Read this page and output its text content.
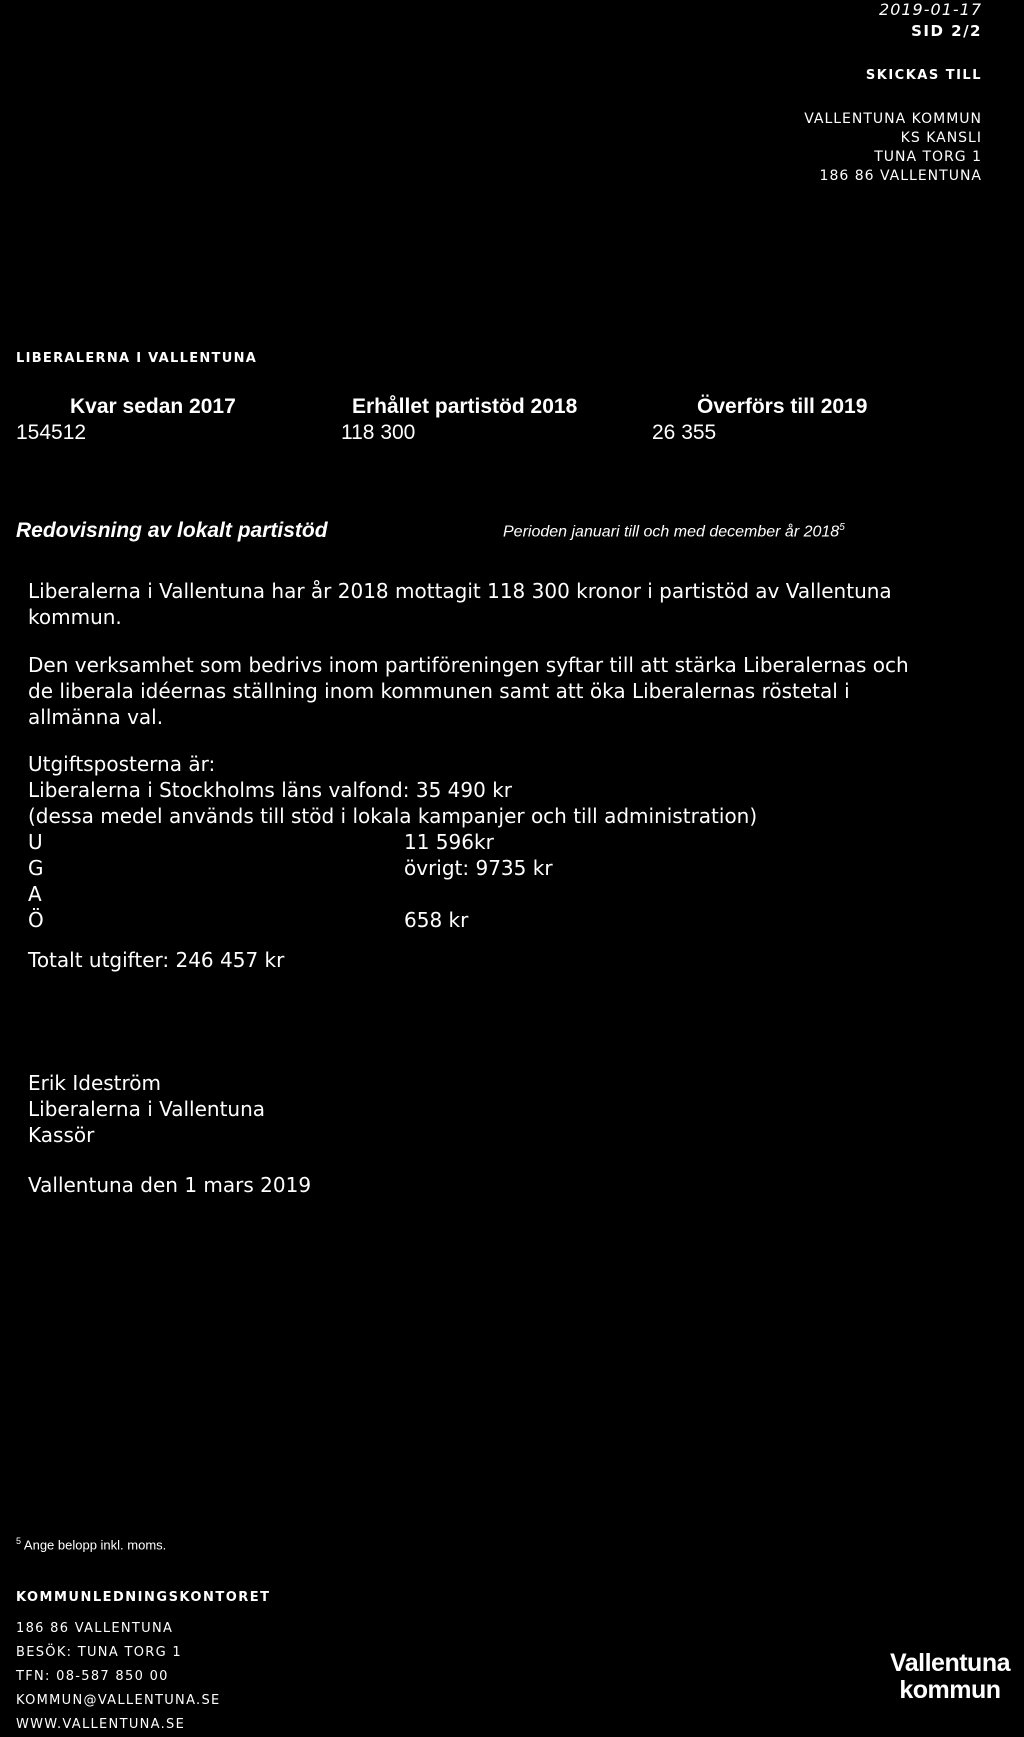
2019-01-17
SID 2/2
SKICKAS TILL
VALLENTUNA KOMMUN
KS KANSLI
TUNA TORG 1
186 86 VALLENTUNA
LIBERALERNA I VALLENTUNA
Kvar sedan 2017	Erhållet partistöd 2018	Överförs till 2019
154512	118 300	26 355
Redovisning av lokalt partistöd	Perioden januari till och med december år 2018$^5$
Liberalerna i Vallentuna har år 2018 mottagit 118 300 kronor i partistöd av Vallentuna
kommun.
Den verksamhet som bedrivs inom partiföreningen syftar till att stärka Liberalernas och
de liberala idéernas ställning inom kommunen samt att öka Liberalernas röstetal i
allmänna val.
Utgiftsposterna är:
Liberalerna i Stockholms läns valfond: 35 490 kr
(dessa medel används till stöd i lokala kampanjer och till administration)
U	11 596kr
G	övrigt: 9735 kr
A
Ö	658 kr
Totalt utgifter: 246 457 kr
Erik Ideström
Liberalerna i Vallentuna
Kassör
Vallentuna den 1 mars 2019
$^5$ Ange belopp inkl. moms.
KOMMUNLEDNINGSKONTORET
186 86 VALLENTUNA
BESÖK: TUNA TORG 1
TFN: 08-587 850 00
KOMMUN@VALLENTUNA.SE
WWW.VALLENTUNA.SE
Vallentuna
kommun
